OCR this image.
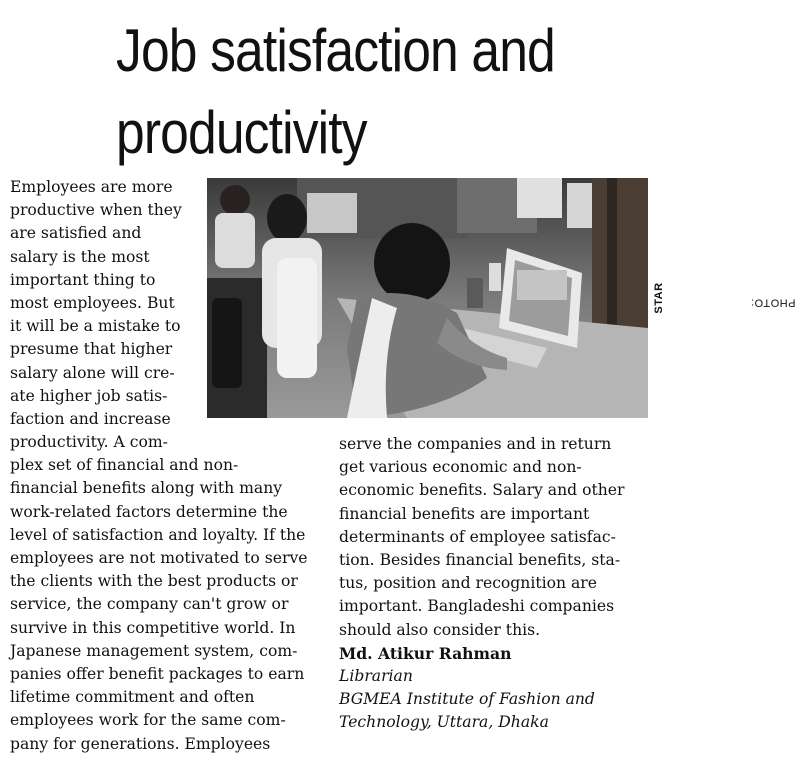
Job satisfaction and
productivity
Employees are more
productive when they
are satisfied and
salary is the most
important thing to
most employees. But
it will be a mistake to
presume that higher
salary alone will cre-
ate higher job satis-
faction and increase
productivity. A com-
plex set of financial and non-
financial benefits along with many
work-related factors determine the
level of satisfaction and loyalty. If the
employees are not motivated to serve
the clients with the best products or
service, the company can't grow or
survive in this competitive world. In
Japanese management system, com-
panies offer benefit packages to earn
lifetime commitment and often
employees work for the same com-
pany for generations. Employees
PHOTO:
STAR
serve the companies and in return
get various economic and non-
economic benefits. Salary and other
financial benefits are important
determinants of employee satisfac-
tion. Besides financial benefits, sta-
tus, position and recognition are
important. Bangladeshi companies
should also consider this.
Md. Atikur Rahman
Librarian
BGMEA Institute of Fashion and
Technology, Uttara, Dhaka
